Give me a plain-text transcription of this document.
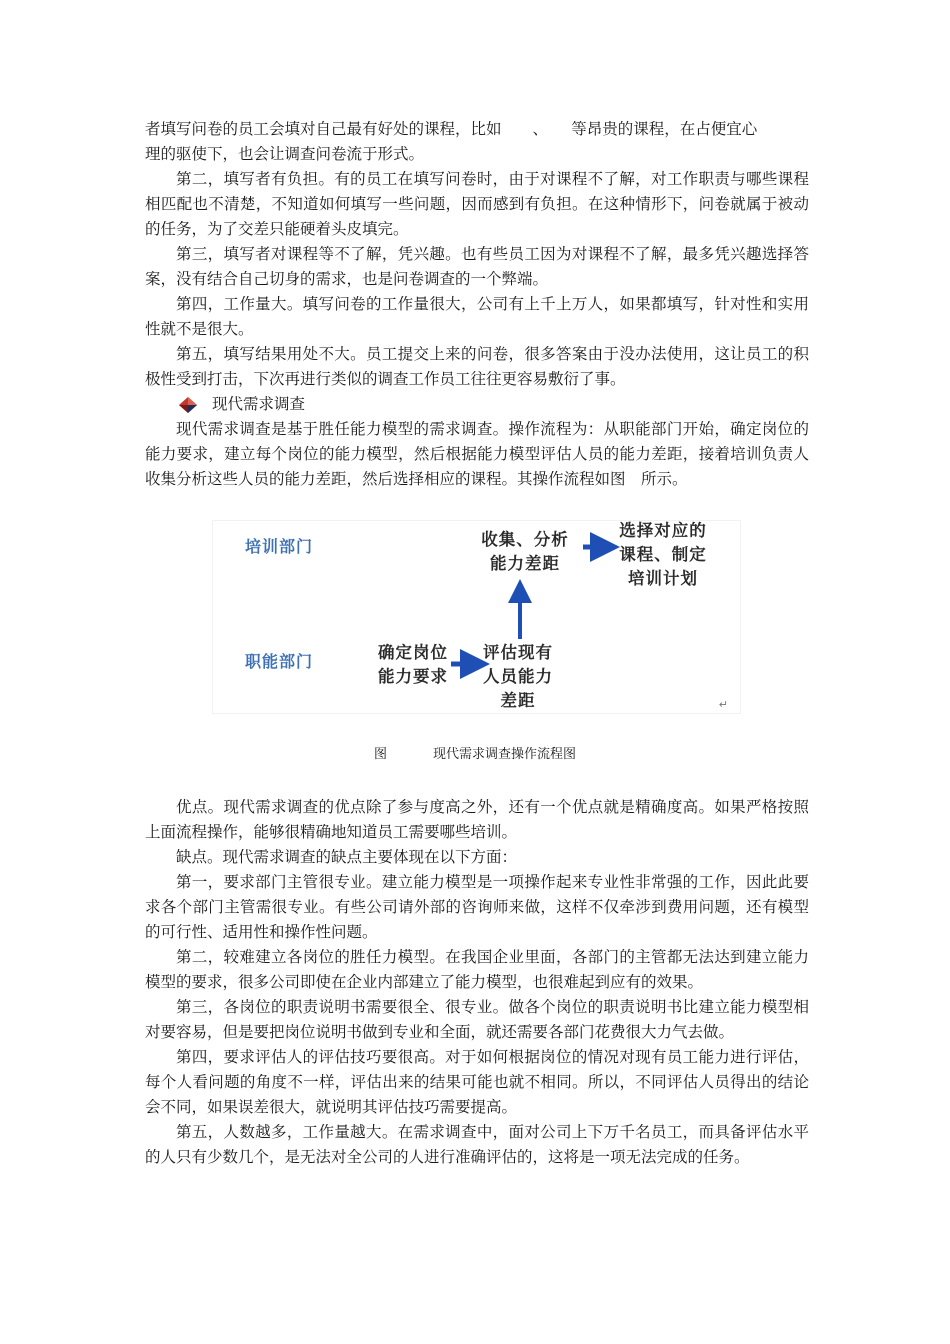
者填写问卷的员工会填对自己最有好处的课程，比如　　、　　等昂贵的课程，在占便宜心

理的驱使下，也会让调查问卷流于形式。

第二，填写者有负担。有的员工在填写问卷时，由于对课程不了解，对工作职责与哪些课程相匹配也不清楚，不知道如何填写一些问题，因而感到有负担。在这种情形下，问卷就属于被动的任务，为了交差只能硬着头皮填完。

第三，填写者对课程等不了解，凭兴趣。也有些员工因为对课程不了解，最多凭兴趣选择答案，没有结合自己切身的需求，也是问卷调查的一个弊端。

第四，工作量大。填写问卷的工作量很大，公司有上千上万人，如果都填写，针对性和实用性就不是很大。

第五，填写结果用处不大。员工提交上来的问卷，很多答案由于没办法使用，这让员工的积极性受到打击，下次再进行类似的调查工作员工往往更容易敷衍了事。

现代需求调查

现代需求调查是基于胜任能力模型的需求调查。操作流程为：从职能部门开始，确定岗位的能力要求，建立每个岗位的能力模型，然后根据能力模型评估人员的能力差距，接着培训负责人收集分析这些人员的能力差距，然后选择相应的课程。其操作流程如图　所示。

培训部门
职能部门
收集、分析
能力差距
选择对应的
课程、制定
培训计划
确定岗位
能力要求
评估现有
人员能力
差距	↵
图	现代需求调查操作流程图

优点。现代需求调查的优点除了参与度高之外，还有一个优点就是精确度高。如果严格按照上面流程操作，能够很精确地知道员工需要哪些培训。

缺点。现代需求调查的缺点主要体现在以下方面：

第一，要求部门主管很专业。建立能力模型是一项操作起来专业性非常强的工作，因此此要求各个部门主管需很专业。有些公司请外部的咨询师来做，这样不仅牵涉到费用问题，还有模型的可行性、适用性和操作性问题。

第二，较难建立各岗位的胜任力模型。在我国企业里面，各部门的主管都无法达到建立能力模型的要求，很多公司即使在企业内部建立了能力模型，也很难起到应有的效果。

第三，各岗位的职责说明书需要很全、很专业。做各个岗位的职责说明书比建立能力模型相对要容易，但是要把岗位说明书做到专业和全面，就还需要各部门花费很大力气去做。

第四，要求评估人的评估技巧要很高。对于如何根据岗位的情况对现有员工能力进行评估，每个人看问题的角度不一样，评估出来的结果可能也就不相同。所以，不同评估人员得出的结论会不同，如果误差很大，就说明其评估技巧需要提高。

第五，人数越多，工作量越大。在需求调查中，面对公司上下万千名员工，而具备评估水平的人只有少数几个，是无法对全公司的人进行准确评估的，这将是一项无法完成的任务。
